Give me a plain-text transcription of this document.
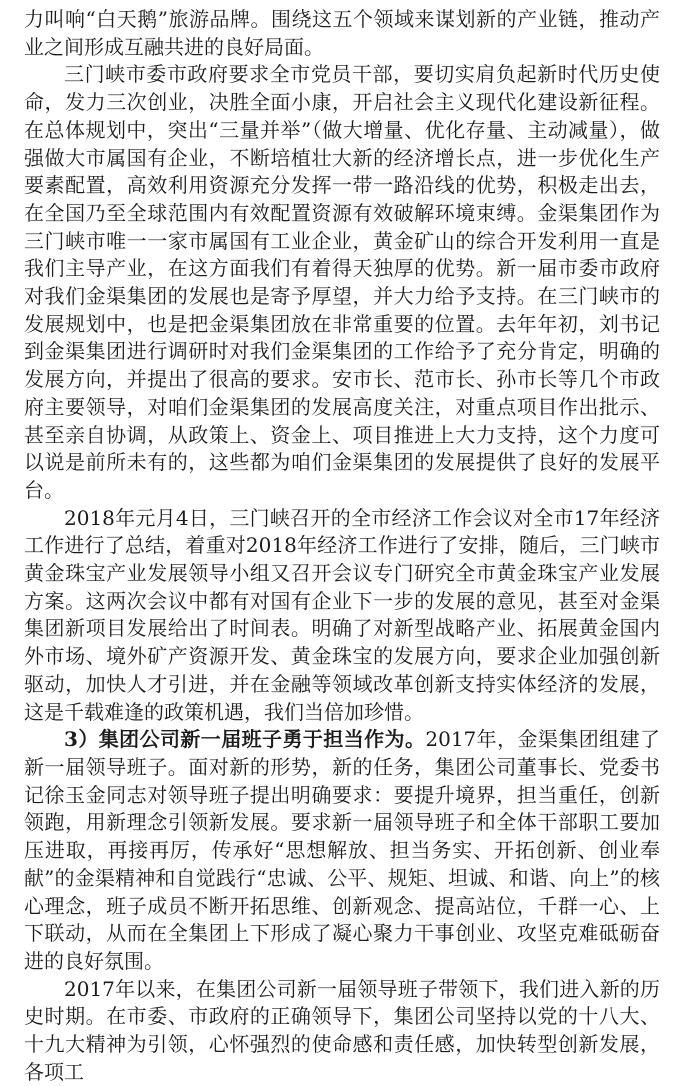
力叫响“白天鹅”旅游品牌。围绕这五个领域来谋划新的产业链，推动产业之间形成互融共进的良好局面。

三门峡市委市政府要求全市党员干部，要切实肩负起新时代历史使命，发力三次创业，决胜全面小康，开启社会主义现代化建设新征程。在总体规划中，突出“三量并举”（做大增量、优化存量、主动减量），做强做大市属国有企业，不断培植壮大新的经济增长点，进一步优化生产要素配置，高效利用资源充分发挥一带一路沿线的优势，积极走出去，在全国乃至全球范围内有效配置资源有效破解环境束缚。金渠集团作为三门峡市唯一一家市属国有工业企业，黄金矿山的综合开发利用一直是我们主导产业，在这方面我们有着得天独厚的优势。新一届市委市政府对我们金渠集团的发展也是寄予厚望，并大力给予支持。在三门峡市的发展规划中，也是把金渠集团放在非常重要的位置。去年年初，刘书记到金渠集团进行调研时对我们金渠集团的工作给予了充分肯定，明确的发展方向，并提出了很高的要求。安市长、范市长、孙市长等几个市政府主要领导，对咱们金渠集团的发展高度关注，对重点项目作出批示、甚至亲自协调，从政策上、资金上、项目推进上大力支持，这个力度可以说是前所未有的，这些都为咱们金渠集团的发展提供了良好的发展平台。

2018年元月4日，三门峡召开的全市经济工作会议对全市17年经济工作进行了总结，着重对2018年经济工作进行了安排，随后，三门峡市黄金珠宝产业发展领导小组又召开会议专门研究全市黄金珠宝产业发展方案。这两次会议中都有对国有企业下一步的发展的意见，甚至对金渠集团新项目发展给出了时间表。明确了对新型战略产业、拓展黄金国内外市场、境外矿产资源开发、黄金珠宝的发展方向，要求企业加强创新驱动，加快人才引进，并在金融等领域改革创新支持实体经济的发展，这是千载难逢的政策机遇，我们当倍加珍惜。

3）集团公司新一届班子勇于担当作为。2017年，金渠集团组建了新一届领导班子。面对新的形势，新的任务，集团公司董事长、党委书记徐玉金同志对领导班子提出明确要求：要提升境界，担当重任，创新领跑，用新理念引领新发展。要求新一届领导班子和全体干部职工要加压进取，再接再厉，传承好“思想解放、担当务实、开拓创新、创业奉献”的金渠精神和自觉践行“忠诚、公平、规矩、坦诚、和谐、向上”的核心理念，班子成员不断开拓思维、创新观念、提高站位，千群一心、上下联动，从而在全集团上下形成了凝心聚力干事创业、攻坚克难砥砺奋进的良好氛围。

2017年以来，在集团公司新一届领导班子带领下，我们进入新的历史时期。在市委、市政府的正确领导下，集团公司坚持以党的十八大、十九大精神为引领，心怀强烈的使命感和责任感，加快转型创新发展，各项工
